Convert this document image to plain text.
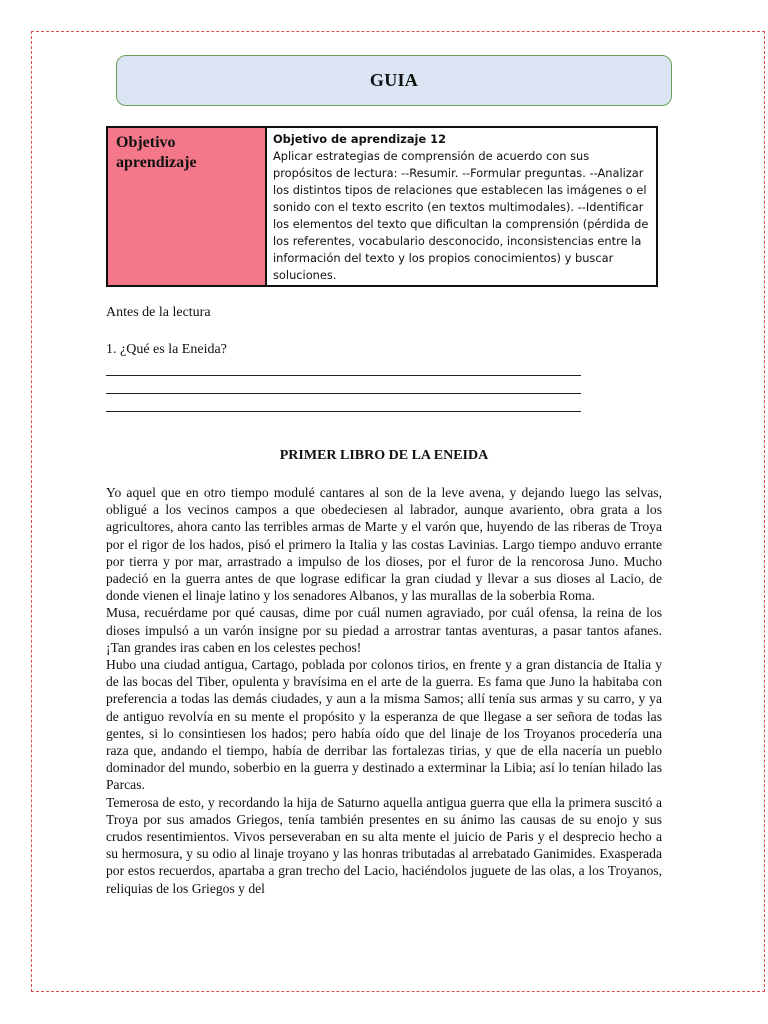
GUIA
Objetivo aprendizaje
Objetivo de aprendizaje 12
Aplicar estrategias de comprensión de acuerdo con sus propósitos de lectura: --Resumir. --Formular preguntas. --Analizar los distintos tipos de relaciones que establecen las imágenes o el sonido con el texto escrito (en textos multimodales). --Identificar los elementos del texto que dificultan la comprensión (pérdida de los referentes, vocabulario desconocido, inconsistencias entre la información del texto y los propios conocimientos) y buscar soluciones.
Antes de la lectura
1. ¿Qué es la Eneida?
PRIMER LIBRO DE LA ENEIDA

Yo aquel que en otro tiempo modulé cantares al son de la leve avena, y dejando luego las selvas, obligué a los vecinos campos a que obedeciesen al labrador, aunque avariento, obra grata a los agricultores, ahora canto las terribles armas de Marte y el varón que, huyendo de las riberas de Troya por el rigor de los hados, pisó el primero la Italia y las costas Lavinias. Largo tiempo anduvo errante por tierra y por mar, arrastrado a impulso de los dioses, por el furor de la rencorosa Juno. Mucho padeció en la guerra antes de que lograse edificar la gran ciudad y llevar a sus dioses al Lacio, de donde vienen el linaje latino y los senadores Albanos, y las murallas de la soberbia Roma.

Musa, recuérdame por qué causas, dime por cuál numen agraviado, por cuál ofensa, la reina de los dioses impulsó a un varón insigne por su piedad a arrostrar tantas aventuras, a pasar tantos afanes. ¡Tan grandes iras caben en los celestes pechos!

Hubo una ciudad antigua, Cartago, poblada por colonos tirios, en frente y a gran distancia de Italia y de las bocas del Tiber, opulenta y bravísima en el arte de la guerra. Es fama que Juno la habitaba con preferencia a todas las demás ciudades, y aun a la misma Samos; allí tenía sus armas y su carro, y ya de antiguo revolvía en su mente el propósito y la esperanza de que llegase a ser señora de todas las gentes, si lo consintiesen los hados; pero había oído que del linaje de los Troyanos procedería una raza que, andando el tiempo, había de derribar las fortalezas tirias, y que de ella nacería un pueblo dominador del mundo, soberbio en la guerra y destinado a exterminar la Libia; así lo tenían hilado las Parcas.

Temerosa de esto, y recordando la hija de Saturno aquella antigua guerra que ella la primera suscitó a Troya por sus amados Griegos, tenía también presentes en su ánimo las causas de su enojo y sus crudos resentimientos. Vivos perseveraban en su alta mente el juicio de Paris y el desprecio hecho a su hermosura, y su odio al linaje troyano y las honras tributadas al arrebatado Ganimides. Exasperada por estos recuerdos, apartaba a gran trecho del Lacio, haciéndolos juguete de las olas, a los Troyanos, reliquias de los Griegos y del
